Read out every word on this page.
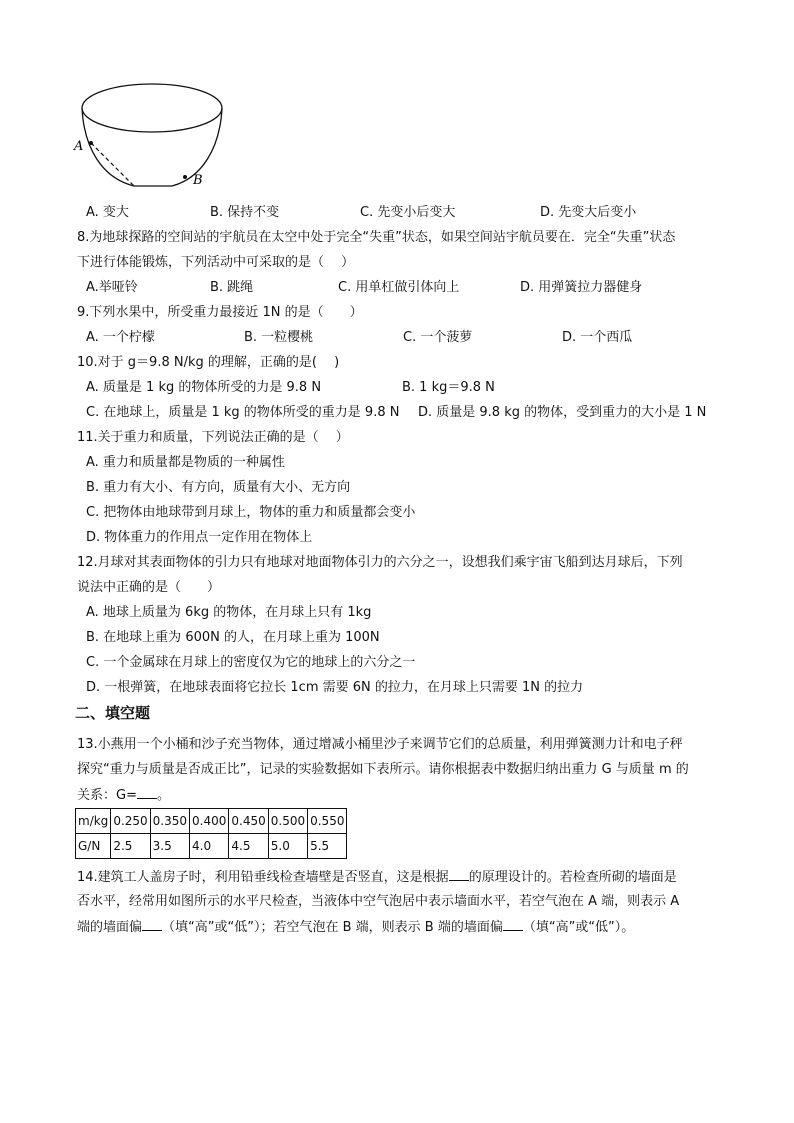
A
B
A. 变大	B. 保持不变	C. 先变小后变大	D. 先变大后变小
8.为地球探路的空间站的宇航员在太空中处于完全“失重”状态，如果空间站宇航员要在．完全“失重”状态
下进行体能锻炼，下列活动中可采取的是（　 ）
A.举哑铃	B. 跳绳	C. 用单杠做引体向上	D. 用弹簧拉力器健身
9.下列水果中，所受重力最接近 1N 的是（　　）
A. 一个柠檬	B. 一粒樱桃	C. 一个菠萝	D. 一个西瓜
10.对于 g＝9.8 N/kg 的理解，正确的是(　 )
A. 质量是 1 kg 的物体所受的力是 9.8 N	B. 1 kg＝9.8 N
C. 在地球上，质量是 1 kg 的物体所受的重力是 9.8 N D. 质量是 9.8 kg 的物体，受到重力的大小是 1 N
11.关于重力和质量，下列说法正确的是（　 ）
A. 重力和质量都是物质的一种属性
B. 重力有大小、有方向，质量有大小、无方向
C. 把物体由地球带到月球上，物体的重力和质量都会变小
D. 物体重力的作用点一定作用在物体上
12.月球对其表面物体的引力只有地球对地面物体引力的六分之一，设想我们乘宇宙飞船到达月球后，下列
说法中正确的是（　　）
A. 地球上质量为 6kg 的物体，在月球上只有 1kg
B. 在地球上重为 600N 的人，在月球上重为 100N
C. 一个金属球在月球上的密度仅为它的地球上的六分之一
D. 一根弹簧，在地球表面将它拉长 1cm 需要 6N 的拉力，在月球上只需要 1N 的拉力
二、填空题
13.小燕用一个小桶和沙子充当物体，通过增减小桶里沙子来调节它们的总质量，利用弹簧测力计和电子秤
探究“重力与质量是否成正比”，记录的实验数据如下表所示。请你根据表中数据归纳出重力 G 与质量 m 的
关系：G= 。
m/kg	0.250	0.350	0.400	0.450	0.500	0.550
G/N	2.5	3.5	4.0	4.5	5.0	5.5
14.建筑工人盖房子时，利用铅垂线检查墙壁是否竖直，这是根据 的原理设计的。若检查所砌的墙面是
否水平，经常用如图所示的水平尺检查，当液体中空气泡居中表示墙面水平，若空气泡在 A 端，则表示 A
端的墙面偏 （填“高”或“低”）；若空气泡在 B 端，则表示 B 端的墙面偏 （填“高”或“低”）。
